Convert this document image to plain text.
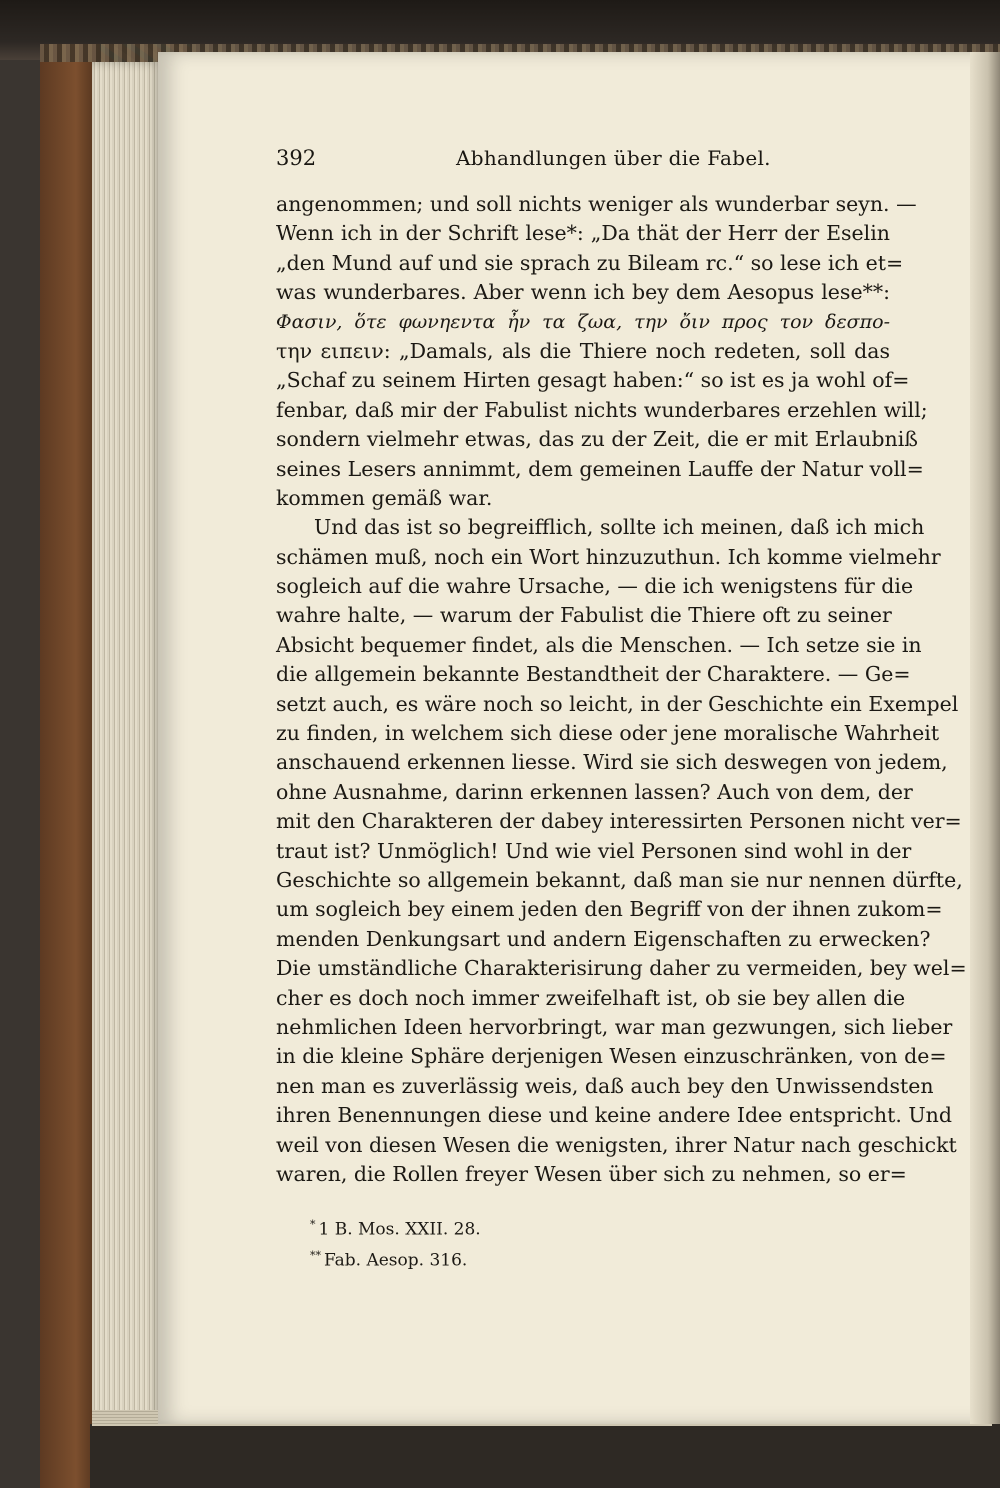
392	Abhandlungen über die Fabel.
angenommen; und soll nichts weniger als wunderbar seyn. —
Wenn ich in der Schrift lese*: „Da thät der Herr der Eselin
„den Mund auf und sie sprach zu Bileam rc.“ so lese ich et=
was wunderbares. Aber wenn ich bey dem Aesopus lese**:
Φασιν, ὅτε φωνηεντα ἦν τα ζωα, την ὄιν προς τον δεσπο-
την ειπειν: „Damals, als die Thiere noch redeten, soll das
„Schaf zu seinem Hirten gesagt haben:“ so ist es ja wohl of=
fenbar, daß mir der Fabulist nichts wunderbares erzehlen will;
sondern vielmehr etwas, das zu der Zeit, die er mit Erlaubniß
seines Lesers annimmt, dem gemeinen Lauffe der Natur voll=
kommen gemäß war.
Und das ist so begreifflich, sollte ich meinen, daß ich mich
schämen muß, noch ein Wort hinzuzuthun. Ich komme vielmehr
sogleich auf die wahre Ursache, — die ich wenigstens für die
wahre halte, — warum der Fabulist die Thiere oft zu seiner
Absicht bequemer findet, als die Menschen. — Ich setze sie in
die allgemein bekannte Bestandtheit der Charaktere. — Ge=
setzt auch, es wäre noch so leicht, in der Geschichte ein Exempel
zu finden, in welchem sich diese oder jene moralische Wahrheit
anschauend erkennen liesse. Wird sie sich deswegen von jedem,
ohne Ausnahme, darinn erkennen lassen? Auch von dem, der
mit den Charakteren der dabey interessirten Personen nicht ver=
traut ist? Unmöglich! Und wie viel Personen sind wohl in der
Geschichte so allgemein bekannt, daß man sie nur nennen dürfte,
um sogleich bey einem jeden den Begriff von der ihnen zukom=
menden Denkungsart und andern Eigenschaften zu erwecken?
Die umständliche Charakterisirung daher zu vermeiden, bey wel=
cher es doch noch immer zweifelhaft ist, ob sie bey allen die
nehmlichen Ideen hervorbringt, war man gezwungen, sich lieber
in die kleine Sphäre derjenigen Wesen einzuschränken, von de=
nen man es zuverlässig weis, daß auch bey den Unwissendsten
ihren Benennungen diese und keine andere Idee entspricht. Und
weil von diesen Wesen die wenigsten, ihrer Natur nach geschickt
waren, die Rollen freyer Wesen über sich zu nehmen, so er=
* 1 B. Mos. XXII. 28.
** Fab. Aesop. 316.
